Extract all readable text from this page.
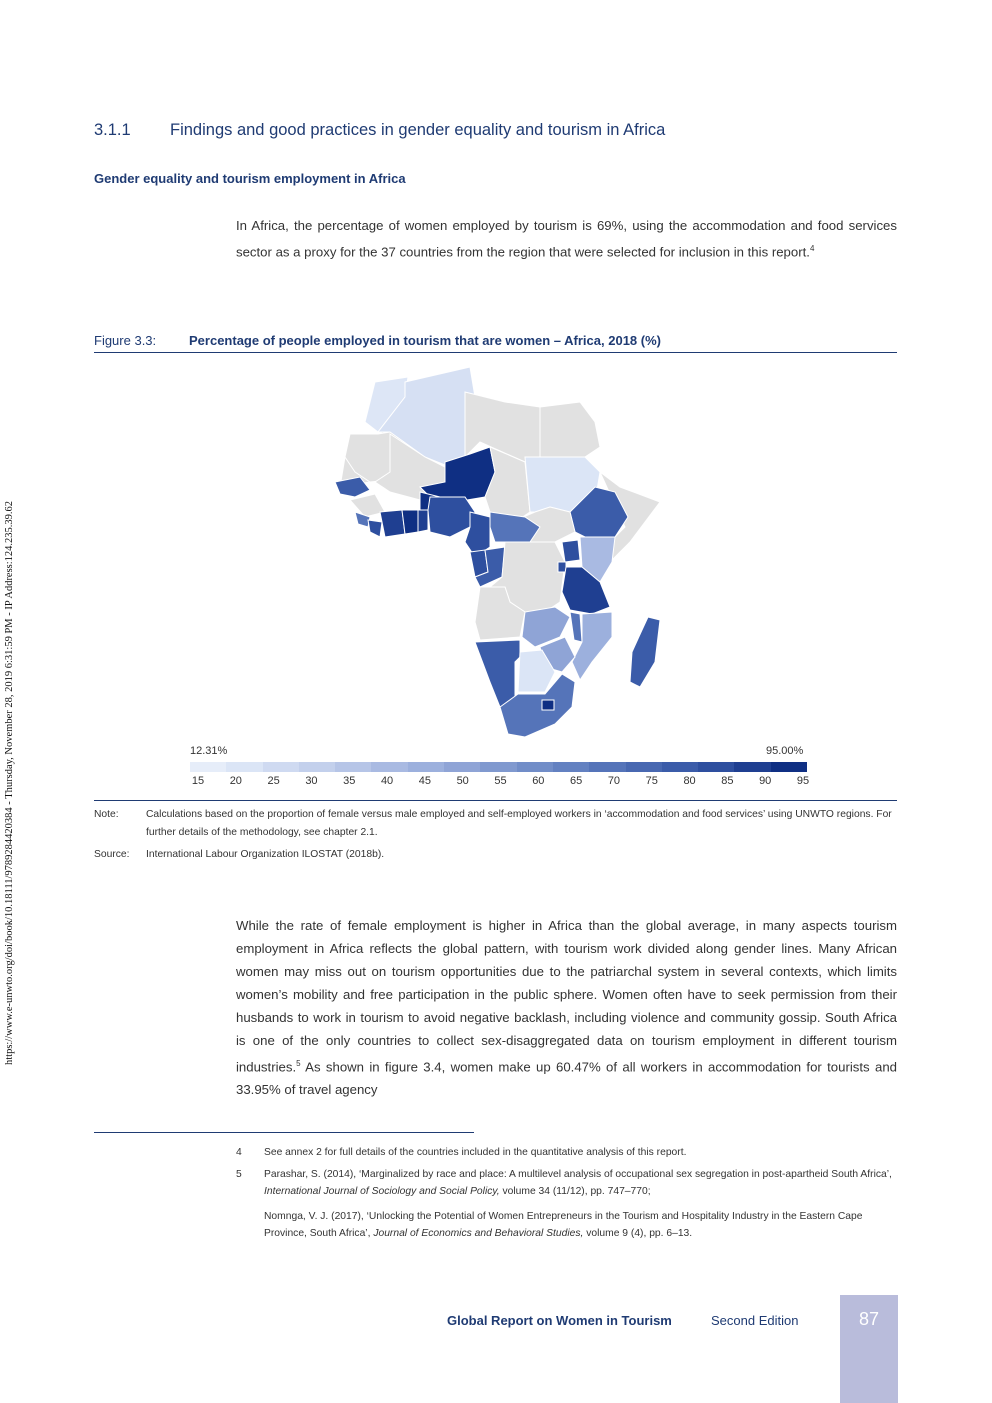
https://www.e-unwto.org/doi/book/10.18111/9789284420384 - Thursday, November 28, 2019 6:31:59 PM - IP Address:124.235.39.62
3.1.1	Findings and good practices in gender equality and tourism in Africa
Gender equality and tourism employment in Africa

In Africa, the percentage of women employed by tourism is 69%, using the accommodation and food services sector as a proxy for the 37 countries from the region that were selected for inclusion in this report.$^4$

Figure 3.3:	Percentage of people employed in tourism that are women – Africa, 2018 (%)
12.31%	95.00%
15 20 25 30 35 40 45 50 55 60 65 70 75 80 85 90 95
Note:	Calculations based on the proportion of female versus male employed and self-employed workers in ‘accommodation and food services’ using UNWTO regions. For further details of the methodology, see chapter 2.1.
Source:	International Labour Organization ILOSTAT (2018b).

While the rate of female employment is higher in Africa than the global average, in many aspects tourism employment in Africa reflects the global pattern, with tourism work divided along gender lines. Many African women may miss out on tourism opportunities due to the patriarchal system in several contexts, which limits women’s mobility and free participation in the public sphere. Women often have to seek permission from their husbands to work in tourism to avoid negative backlash, including violence and community gossip. South Africa is one of the only countries to collect sex-disaggregated data on tourism employment in different tourism industries.$^5$ As shown in figure 3.4, women make up 60.47% of all workers in accommodation for tourists and 33.95% of travel agency

4	See annex 2 for full details of the countries included in the quantitative analysis of this report.
5	Parashar, S. (2014), ‘Marginalized by race and place: A multilevel analysis of occupational sex segregation in post-apartheid South Africa’, International Journal of Sociology and Social Policy, volume 34 (11/12), pp. 747–770;
Nomnga, V. J. (2017), ‘Unlocking the Potential of Women Entrepreneurs in the Tourism and Hospitality Industry in the Eastern Cape Province, South Africa’, Journal of Economics and Behavioral Studies, volume 9 (4), pp. 6–13.
Global Report on Women in Tourism	Second Edition	87
